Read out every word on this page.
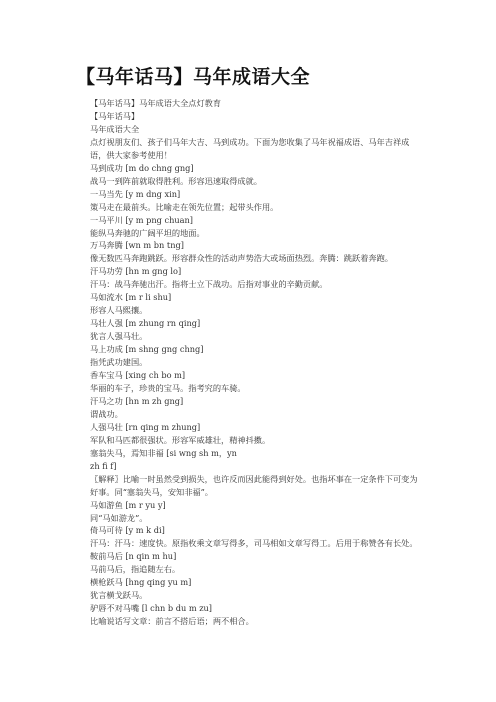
【马年话马】马年成语大全

【马年话马】马年成语大全点灯教育

【马年话马】

马年成语大全

点灯视朋友们、孩子们马年大吉、马到成功。下面为您收集了马年祝福成语、马年吉祥成语，供大家参考使用！

马到成功 [m do chng gng]

战马一到阵前就取得胜利。形容迅速取得成就。

一马当先 [y m dng xin]

策马走在最前头。比喻走在领先位置；起带头作用。

一马平川 [y m png chuan]

能纵马奔驰的广阔平坦的地面。

万马奔腾 [wn m bn tng]

像无数匹马奔跑跳跃。形容群众性的活动声势浩大或场面热烈。奔腾：跳跃着奔跑。

汗马功劳 [hn m gng lo]

汗马：战马奔驰出汗。指将士立下战功。后指对事业的辛勤贡献。

马如流水 [m r li shu]

形容人马熙攘。

马壮人强 [m zhung rn qing]

犹言人强马壮。

马上功成 [m shng gng chng]

指凭武功建国。

香车宝马 [xing ch bo m]

华丽的车子，珍贵的宝马。指考究的车骑。

汗马之功 [hn m zh gng]

谓战功。

人强马壮 [rn qing m zhung]

军队和马匹都很强状。形容军威雄壮，精神抖擞。

塞翁失马，焉知非福 [si wng sh m，yn

zh fi f]

〖解释〗比喻一时虽然受到损失，也许反而因此能得到好处。也指坏事在一定条件下可变为好事。同“塞翁失马，安知非福”。

马如游鱼 [m r yu y]

同“马如游龙”。

倚马可待 [y m k di]

汗马：汗马：速度快。原指枚乘文章写得多，司马相如文章写得工。后用于称赞各有长处。

鞍前马后 [n qin m hu]

马前马后，指追随左右。

横枪跃马 [hng qing yu m]

犹言横戈跃马。

驴唇不对马嘴 [l chn b du m zu]

比喻说话写文章：前言不搭后语；两不相合。
